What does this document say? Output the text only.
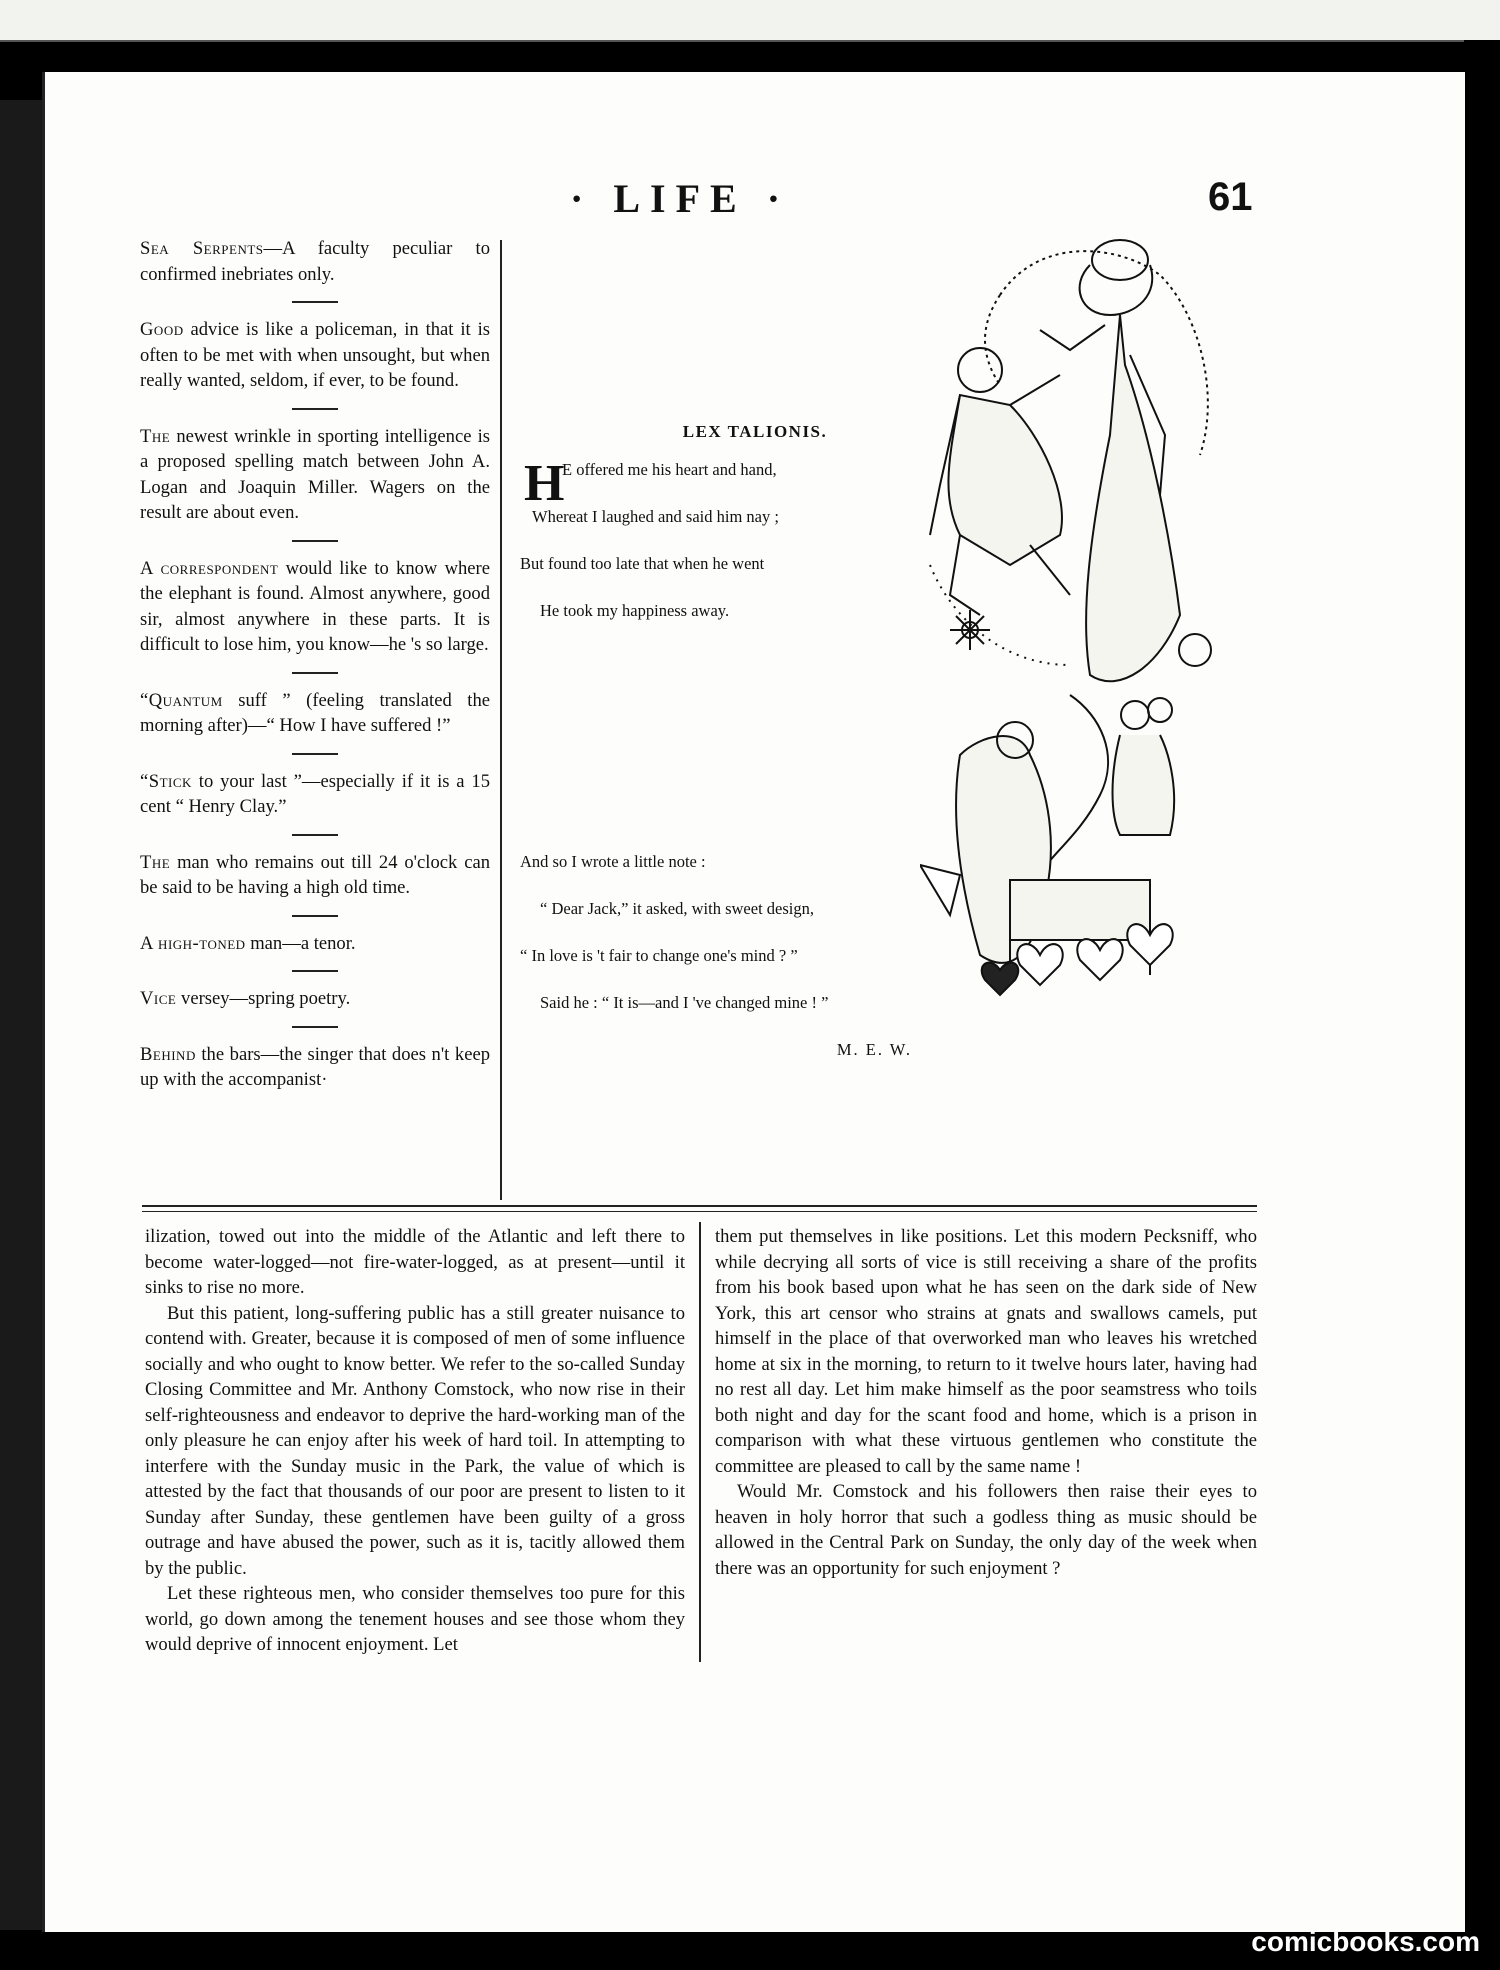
· LIFE ·	61

Sea Serpents—A faculty peculiar to confirmed inebriates only.

Good advice is like a policeman, in that it is often to be met with when unsought, but when really wanted, seldom, if ever, to be found.

The newest wrinkle in sporting intelligence is a proposed spelling match between John A. Logan and Joaquin Miller. Wagers on the result are about even.

A correspondent would like to know where the elephant is found. Almost anywhere, good sir, almost anywhere in these parts. It is difficult to lose him, you know—he 's so large.

“Quantum suff ” (feeling translated the morning after)—“ How I have suffered !”

“Stick to your last ”—especially if it is a 15 cent “ Henry Clay.”

The man who remains out till 24 o'clock can be said to be having a high old time.

A high-toned man—a tenor.

Vice versey—spring poetry.

Behind the bars—the singer that does n't keep up with the accompanist·

LEX TALIONIS.
H
E offered me his heart and hand,
Whereat I laughed and said him nay ;
But found too late that when he went
He took my happiness away.
And so I wrote a little note :
“ Dear Jack,” it asked, with sweet design,
“ In love is 't fair to change one's mind ? ”
Said he : “ It is—and I 've changed mine ! ”
M. E. W.

ilization, towed out into the middle of the Atlantic and left there to become water-logged—not fire-water-logged, as at present—until it sinks to rise no more.

But this patient, long-suffering public has a still greater nuisance to contend with. Greater, because it is composed of men of some influence socially and who ought to know better. We refer to the so-called Sunday Closing Committee and Mr. Anthony Comstock, who now rise in their self-righteousness and endeavor to deprive the hard-working man of the only pleasure he can enjoy after his week of hard toil. In attempting to interfere with the Sunday music in the Park, the value of which is attested by the fact that thousands of our poor are present to listen to it Sunday after Sunday, these gentlemen have been guilty of a gross outrage and have abused the power, such as it is, tacitly allowed them by the public.

Let these righteous men, who consider themselves too pure for this world, go down among the tenement houses and see those whom they would deprive of innocent enjoyment. Let

them put themselves in like positions. Let this modern Pecksniff, who while decrying all sorts of vice is still receiving a share of the profits from his book based upon what he has seen on the dark side of New York, this art censor who strains at gnats and swallows camels, put himself in the place of that overworked man who leaves his wretched home at six in the morning, to return to it twelve hours later, having had no rest all day. Let him make himself as the poor seamstress who toils both night and day for the scant food and home, which is a prison in comparison with what these virtuous gentlemen who constitute the committee are pleased to call by the same name !

Would Mr. Comstock and his followers then raise their eyes to heaven in holy horror that such a godless thing as music should be allowed in the Central Park on Sunday, the only day of the week when there was an opportunity for such enjoyment ?

comicbooks.com
